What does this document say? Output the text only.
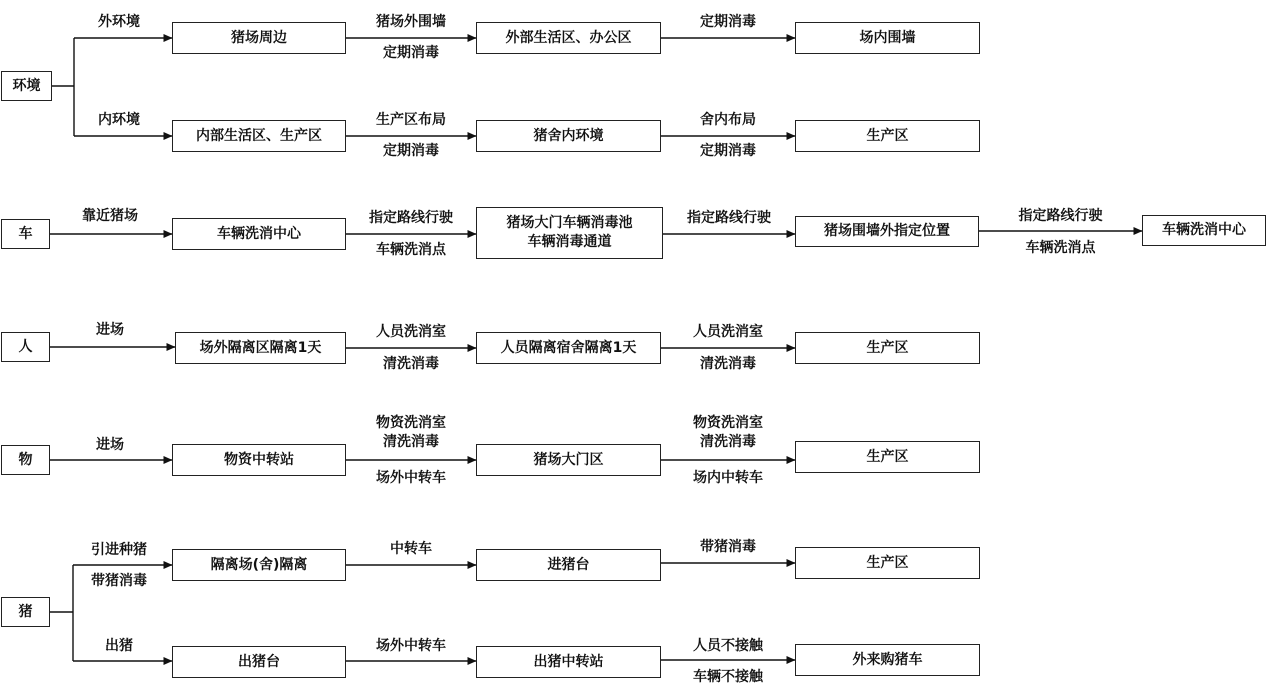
环境
外环境
猪场周边
猪场外围墙
定期消毒
外部生活区、办公区
定期消毒
场内围墙
内环境
内部生活区、生产区
生产区布局
定期消毒
猪舍内环境
舍内布局
定期消毒
生产区
车
靠近猪场
车辆洗消中心
指定路线行驶
车辆洗消点
猪场大门车辆消毒池
车辆消毒通道
指定路线行驶
猪场围墙外指定位置
指定路线行驶
车辆洗消点
车辆洗消中心
人
进场
场外隔离区隔离1天
人员洗消室
清洗消毒
人员隔离宿舍隔离1天
人员洗消室
清洗消毒
生产区
物
进场
物资中转站
物资洗消室
清洗消毒
场外中转车
猪场大门区
物资洗消室
清洗消毒
场内中转车
生产区
猪
引进种猪
带猪消毒
隔离场(舍)隔离
中转车
进猪台
带猪消毒
生产区
出猪
出猪台
场外中转车
出猪中转站
人员不接触
车辆不接触
外来购猪车
